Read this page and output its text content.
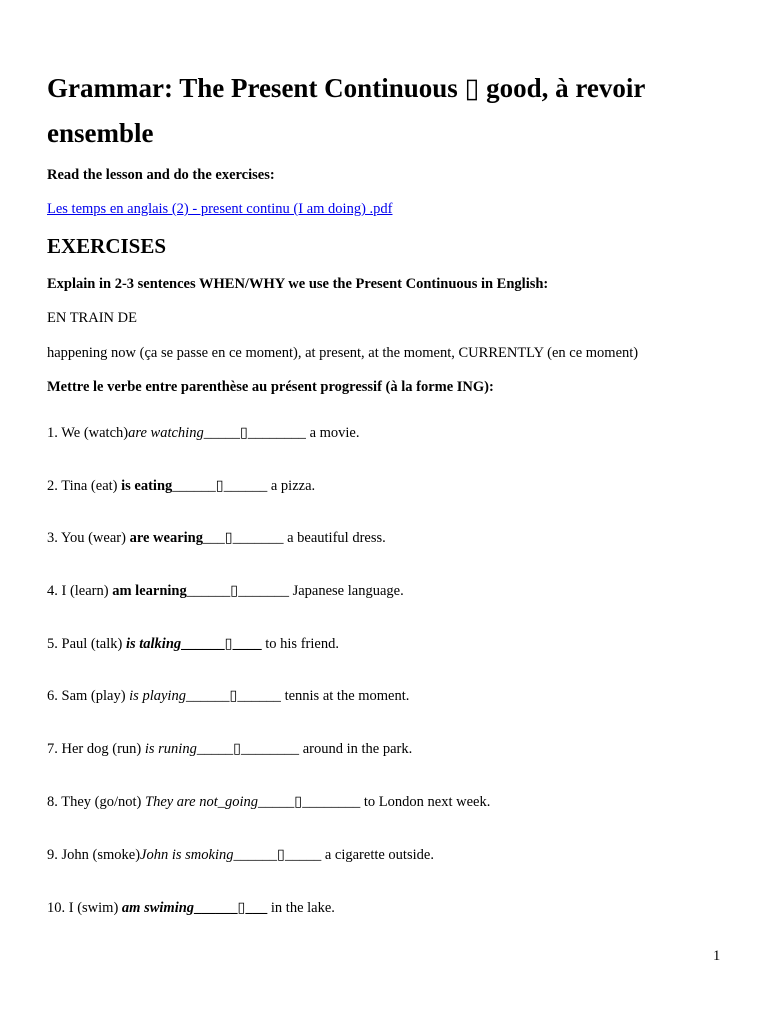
Grammar: The Present Continuous ▯ good, à revoir ensemble
Read the lesson and do the exercises:
Les temps en anglais (2) - present continu (I am doing) .pdf
EXERCISES
Explain in 2-3 sentences WHEN/WHY we use the Present Continuous in English:
EN TRAIN DE
happening now (ça se passe en ce moment), at present, at the moment, CURRENTLY (en ce moment)
Mettre le verbe entre parenthèse au présent progressif (à la forme ING):
1. We (watch)are watching_____▯________ a movie.
2. Tina (eat) is eating______▯______ a pizza.
3. You (wear) are wearing___▯_______ a beautiful dress.
4. I (learn) am learning______▯_______ Japanese language.
5. Paul (talk) is talking______▯____ to his friend.
6. Sam (play) is playing______▯______ tennis at the moment.
7. Her dog (run) is runing_____▯________ around in the park.
8. They (go/not) They are not_going_____▯________ to London next week.
9. John (smoke)John is smoking______▯_____ a cigarette outside.
10. I (swim) am swiming______▯___ in the lake.
1
